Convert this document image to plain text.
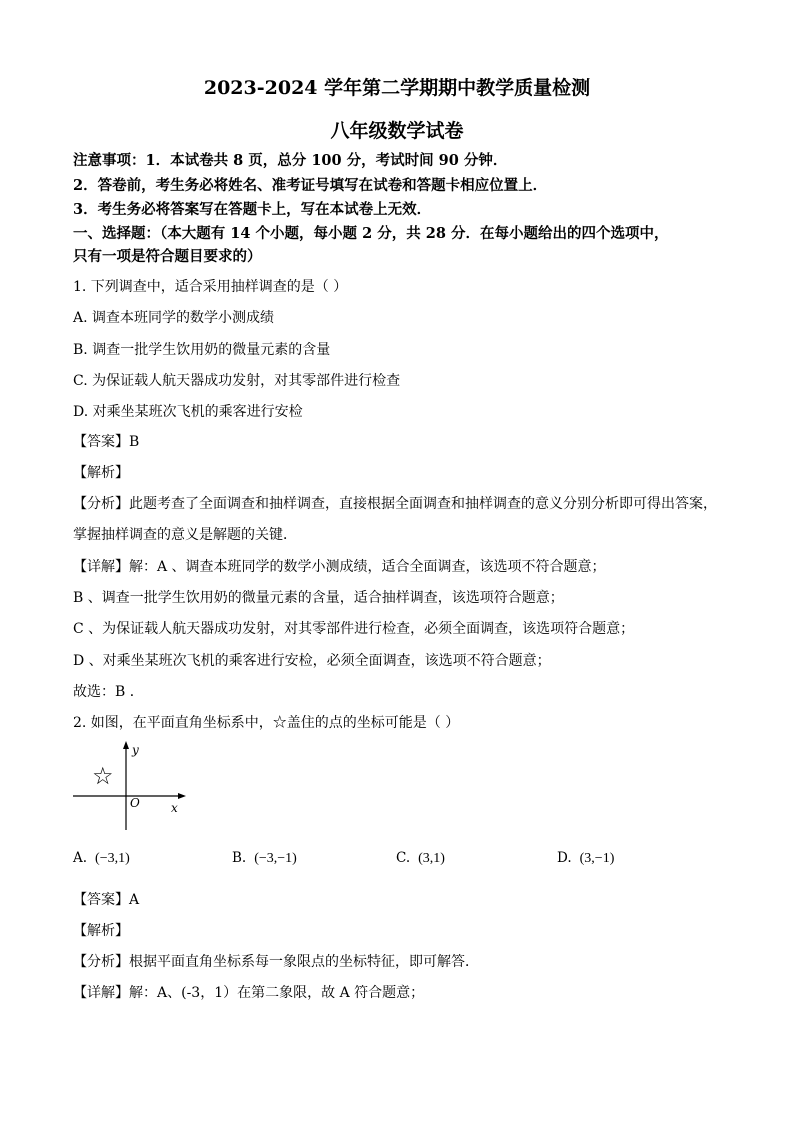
2023-2024 学年第二学期期中教学质量检测
八年级数学试卷
注意事项：1．本试卷共 8 页，总分 100 分，考试时间 90 分钟．
2．答卷前，考生务必将姓名、准考证号填写在试卷和答题卡相应位置上．
3．考生务必将答案写在答题卡上，写在本试卷上无效．
一、选择题：（本大题有 14 个小题，每小题 2 分，共 28 分．在每小题给出的四个选项中，
只有一项是符合题目要求的）
1. 下列调查中，适合采用抽样调查的是（ ）
A. 调查本班同学的数学小测成绩
B. 调查一批学生饮用奶的微量元素的含量
C. 为保证载人航天器成功发射，对其零部件进行检查
D. 对乘坐某班次飞机的乘客进行安检
【答案】B
【解析】
【分析】此题考查了全面调查和抽样调查，直接根据全面调查和抽样调查的意义分别分析即可得出答案，
掌握抽样调查的意义是解题的关键．
【详解】解：A 、调查本班同学的数学小测成绩，适合全面调查，该选项不符合题意；
B 、调查一批学生饮用奶的微量元素的含量，适合抽样调查，该选项符合题意；
C 、为保证载人航天器成功发射，对其零部件进行检查，必须全面调查，该选项符合题意；
D 、对乘坐某班次飞机的乘客进行安检，必须全面调查，该选项不符合题意；
故选：B ．
2. 如图，在平面直角坐标系中，☆盖住的点的坐标可能是（ ）
y
x
O
☆
A. (−3,1)	B. (−3,−1)	C. (3,1)	D. (3,−1)
【答案】A
【解析】
【分析】根据平面直角坐标系每一象限点的坐标特征，即可解答．
【详解】解：A、(-3，1）在第二象限，故 A 符合题意；
